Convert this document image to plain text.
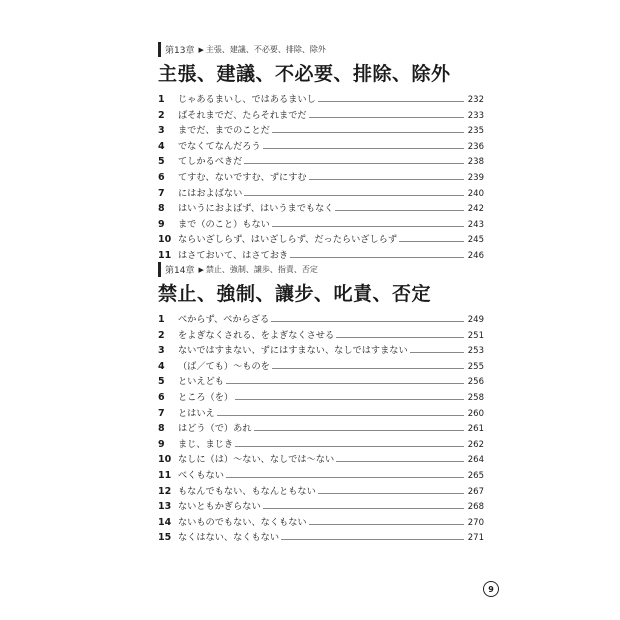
第13章 ▶ 主張、建議、不必要、排除、除外
主張、建議、不必要、排除、除外
1	じゃあるまいし、ではあるまいし	232
2	ばそれまでだ、たらそれまでだ	233
3	までだ、までのことだ	235
4	でなくてなんだろう	236
5	てしかるべきだ	238
6	てすむ、ないですむ、ずにすむ	239
7	にはおよばない	240
8	はいうにおよばず、はいうまでもなく	242
9	まで（のこと）もない	243
10 ならいざしらず、はいざしらず、だったらいざしらず	245
11 はさておいて、はさておき	246
第14章 ▶ 禁止、強制、譲歩、指責、否定
禁止、強制、讓步、叱責、否定
1	べからず、べからざる	249
2	をよぎなくされる、をよぎなくさせる	251
3	ないではすまない、ずにはすまない、なしではすまない	253
4	（ば／ても）～ものを	255
5	といえども	256
6	ところ（を）	258
7	とはいえ	260
8	はどう（で）あれ	261
9	まじ、まじき	262
10 なしに（は）～ない、なしでは～ない	264
11 べくもない	265
12 もなんでもない、もなんともない	267
13 ないともかぎらない	268
14 ないものでもない、なくもない	270
15 なくはない、なくもない	271
9
